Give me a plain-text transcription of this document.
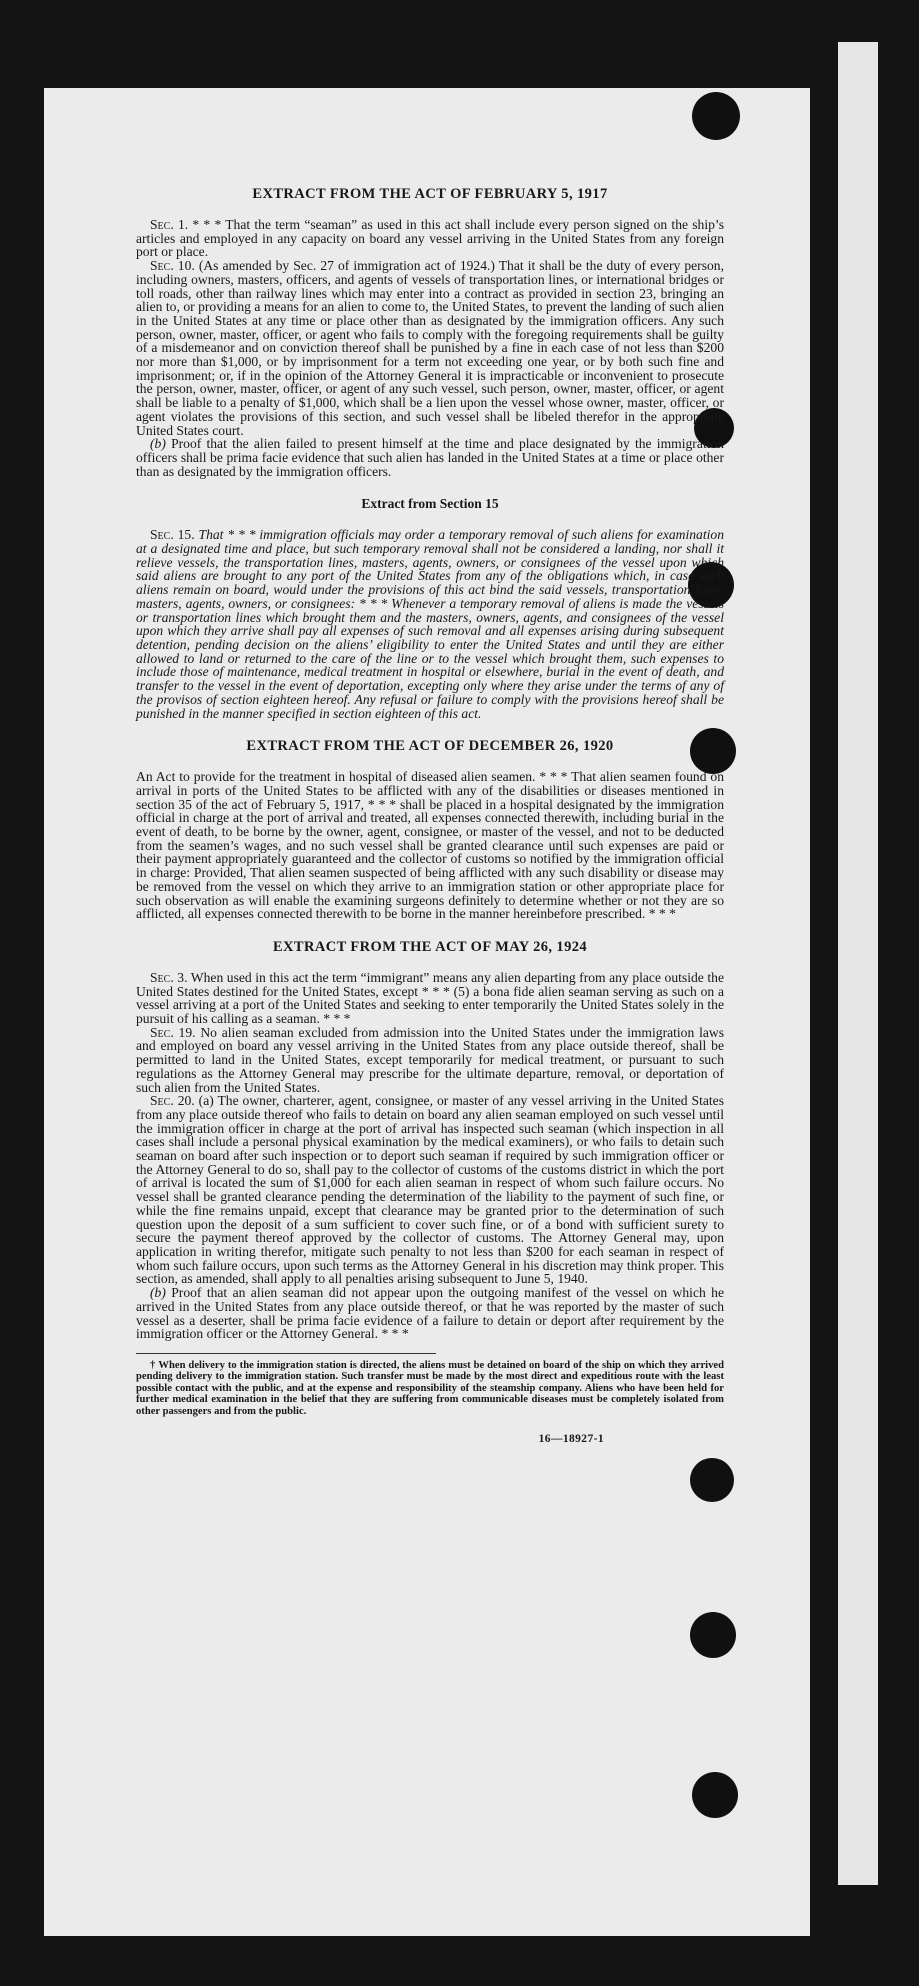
EXTRACT FROM THE ACT OF FEBRUARY 5, 1917

Sec. 1. * * * That the term “seaman” as used in this act shall include every person signed on the ship’s articles and employed in any capacity on board any vessel arriving in the United States from any foreign port or place.

Sec. 10. (As amended by Sec. 27 of immigration act of 1924.) That it shall be the duty of every person, including owners, masters, officers, and agents of vessels of transportation lines, or international bridges or toll roads, other than railway lines which may enter into a contract as provided in section 23, bringing an alien to, or providing a means for an alien to come to, the United States, to prevent the landing of such alien in the United States at any time or place other than as designated by the immigration officers. Any such person, owner, master, officer, or agent who fails to comply with the foregoing requirements shall be guilty of a misdemeanor and on conviction thereof shall be punished by a fine in each case of not less than $200 nor more than $1,000, or by imprisonment for a term not exceeding one year, or by both such fine and imprisonment; or, if in the opinion of the Attorney General it is impracticable or inconvenient to prosecute the person, owner, master, officer, or agent of any such vessel, such person, owner, master, officer, or agent shall be liable to a penalty of $1,000, which shall be a lien upon the vessel whose owner, master, officer, or agent violates the provisions of this section, and such vessel shall be libeled therefor in the appropriate United States court.

(b) Proof that the alien failed to present himself at the time and place designated by the immigration officers shall be prima facie evidence that such alien has landed in the United States at a time or place other than as designated by the immigration officers.

Extract from Section 15

Sec. 15. That * * * immigration officials may order a temporary removal of such aliens for examination at a designated time and place, but such temporary removal shall not be considered a landing, nor shall it relieve vessels, the transportation lines, masters, agents, owners, or consignees of the vessel upon which said aliens are brought to any port of the United States from any of the obligations which, in case such aliens remain on board, would under the provisions of this act bind the said vessels, transportation lines, masters, agents, owners, or consignees: * * * Whenever a temporary removal of aliens is made the vessels or transportation lines which brought them and the masters, owners, agents, and consignees of the vessel upon which they arrive shall pay all expenses of such removal and all expenses arising during subsequent detention, pending decision on the aliens’ eligibility to enter the United States and until they are either allowed to land or returned to the care of the line or to the vessel which brought them, such expenses to include those of maintenance, medical treatment in hospital or elsewhere, burial in the event of death, and transfer to the vessel in the event of deportation, excepting only where they arise under the terms of any of the provisos of section eighteen hereof. Any refusal or failure to comply with the provisions hereof shall be punished in the manner specified in section eighteen of this act.

EXTRACT FROM THE ACT OF DECEMBER 26, 1920

An Act to provide for the treatment in hospital of diseased alien seamen. * * * That alien seamen found on arrival in ports of the United States to be afflicted with any of the disabilities or diseases mentioned in section 35 of the act of February 5, 1917, * * * shall be placed in a hospital designated by the immigration official in charge at the port of arrival and treated, all expenses connected therewith, including burial in the event of death, to be borne by the owner, agent, consignee, or master of the vessel, and not to be deducted from the seamen’s wages, and no such vessel shall be granted clearance until such expenses are paid or their payment appropriately guaranteed and the collector of customs so notified by the immigration official in charge: Provided, That alien seamen suspected of being afflicted with any such disability or disease may be removed from the vessel on which they arrive to an immigration station or other appropriate place for such observation as will enable the examining surgeons definitely to determine whether or not they are so afflicted, all expenses connected therewith to be borne in the manner hereinbefore prescribed. * * *

EXTRACT FROM THE ACT OF MAY 26, 1924

Sec. 3. When used in this act the term “immigrant” means any alien departing from any place outside the United States destined for the United States, except * * * (5) a bona fide alien seaman serving as such on a vessel arriving at a port of the United States and seeking to enter temporarily the United States solely in the pursuit of his calling as a seaman. * * *

Sec. 19. No alien seaman excluded from admission into the United States under the immigration laws and employed on board any vessel arriving in the United States from any place outside thereof, shall be permitted to land in the United States, except temporarily for medical treatment, or pursuant to such regulations as the Attorney General may prescribe for the ultimate departure, removal, or deportation of such alien from the United States.

Sec. 20. (a) The owner, charterer, agent, consignee, or master of any vessel arriving in the United States from any place outside thereof who fails to detain on board any alien seaman employed on such vessel until the immigration officer in charge at the port of arrival has inspected such seaman (which inspection in all cases shall include a personal physical examination by the medical examiners), or who fails to detain such seaman on board after such inspection or to deport such seaman if required by such immigration officer or the Attorney General to do so, shall pay to the collector of customs of the customs district in which the port of arrival is located the sum of $1,000 for each alien seaman in respect of whom such failure occurs. No vessel shall be granted clearance pending the determination of the liability to the payment of such fine, or while the fine remains unpaid, except that clearance may be granted prior to the determination of such question upon the deposit of a sum sufficient to cover such fine, or of a bond with sufficient surety to secure the payment thereof approved by the collector of customs. The Attorney General may, upon application in writing therefor, mitigate such penalty to not less than $200 for each seaman in respect of whom such failure occurs, upon such terms as the Attorney General in his discretion may think proper. This section, as amended, shall apply to all penalties arising subsequent to June 5, 1940.

(b) Proof that an alien seaman did not appear upon the outgoing manifest of the vessel on which he arrived in the United States from any place outside thereof, or that he was reported by the master of such vessel as a deserter, shall be prima facie evidence of a failure to detain or deport after requirement by the immigration officer or the Attorney General. * * *

† When delivery to the immigration station is directed, the aliens must be detained on board of the ship on which they arrived pending delivery to the immigration station. Such transfer must be made by the most direct and expeditious route with the least possible contact with the public, and at the expense and responsibility of the steamship company. Aliens who have been held for further medical examination in the belief that they are suffering from communicable diseases must be completely isolated from other passengers and from the public.

16—18927-1
